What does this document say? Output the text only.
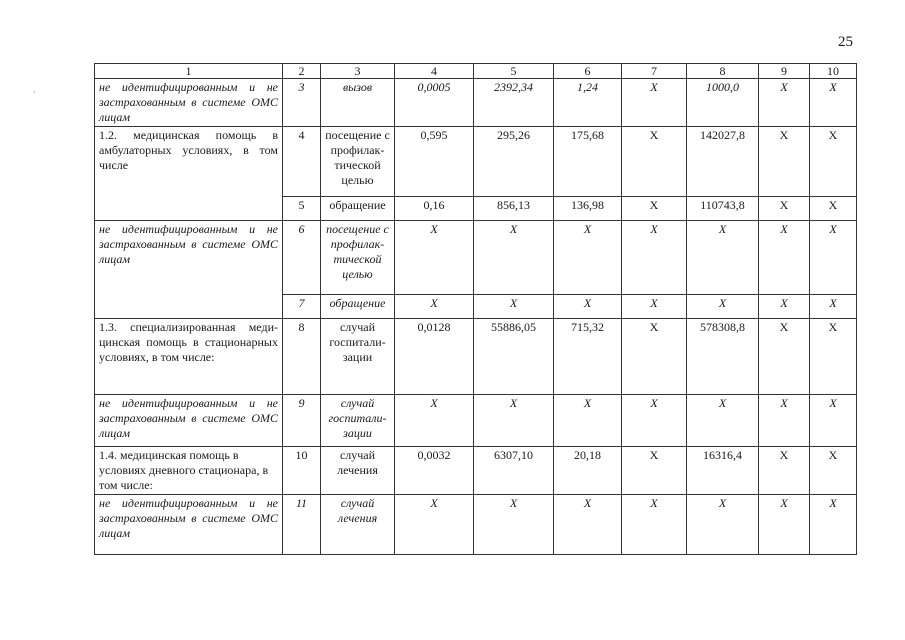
25
·
1	2	3	4	5	6	7	8	9	10
не идентифицированным и не застрахованным в системе ОМС лицам	3	вызов	0,0005	2392,34	1,24	X	1000,0	X	X
1.2. медицинская помощь в амбулаторных условиях, в том числе	4	посещение с профилак-тической целью	0,595	295,26	175,68	X	142027,8	X	X
	5	обращение	0,16	856,13	136,98	X	110743,8	X	X
не идентифицированным и не застрахованным в системе ОМС лицам	6	посещение с профилак-тической целью	X	X	X	X	X	X	X
	7	обращение	X	X	X	X	X	X	X
1.3. специализированная меди-цинская помощь в стационарных условиях, в том числе:	8	случай госпитали-зации	0,0128	55886,05	715,32	X	578308,8	X	X
не идентифицированным и не застрахованным в системе ОМС лицам	9	случай госпитали-зации	X	X	X	X	X	X	X
1.4. медицинская помощь в условиях дневного стационара, в том числе:	10	случай лечения	0,0032	6307,10	20,18	X	16316,4	X	X
не идентифицированным и не застрахованным в системе ОМС лицам	11	случай лечения	X	X	X	X	X	X	X
